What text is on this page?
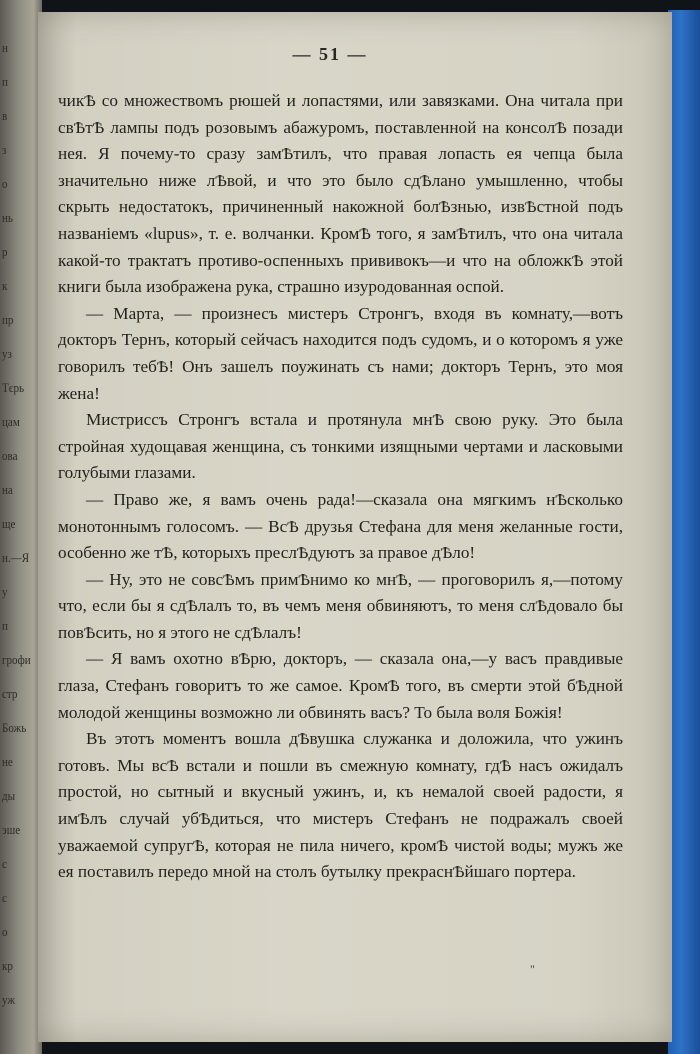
н
п
в
з
о
нь
р
к
пр
уз
Тєрь
цам
ова
на
ще
н.—Я
у
п
грофи
стр
Божь
не
ды
эше
с
с
о
кр
уж
— 51 —

чикѢ со множествомъ рюшей и лопастями, или завязками. Она читала при свѢтѢ лампы подъ розовымъ абажуромъ, поставленной на консолѢ позади нея. Я почему-то сразу замѢтилъ, что правая лопасть ея чепца была значительно ниже лѢвой, и что это было сдѢлано умышленно, чтобы скрыть недостатокъ, причиненный накожной болѢзнью, извѢстной подъ названіемъ «lupus», т. е. волчанки. КромѢ того, я замѢтилъ, что она читала какой-то трактатъ противо-оспенныхъ прививокъ—и что на обложкѢ этой книги была изображена рука, страшно изуродованная оспой.

— Марта, — произнесъ мистеръ Стронгъ, входя въ комнату,—вотъ докторъ Тернъ, который сейчасъ находится подъ судомъ, и о которомъ я уже говорилъ тебѢ! Онъ зашелъ поужинать съ нами; докторъ Тернъ, это моя жена!

Мистриссъ Стронгъ встала и протянула мнѢ свою руку. Это была стройная худощавая женщина, съ тонкими изящными чертами и ласковыми голубыми глазами.

— Право же, я вамъ очень рада!—сказала она мягкимъ нѢсколько монотоннымъ голосомъ. — ВсѢ друзья Стефана для меня желанные гости, особенно же тѢ, которыхъ преслѢдуютъ за правое дѢло!

— Ну, это не совсѢмъ примѢнимо ко мнѢ, — проговорилъ я,—потому что, если бы я сдѢлалъ то, въ чемъ меня обвиняютъ, то меня слѢдовало бы повѢсить, но я этого не сдѢлалъ!

— Я вамъ охотно вѢрю, докторъ, — сказала она,—у васъ правдивые глаза, Стефанъ говоритъ то же самое. КромѢ того, въ смерти этой бѢдной молодой женщины возможно ли обвинять васъ? То была воля Божія!

Въ этотъ моментъ вошла дѢвушка служанка и доложила, что ужинъ готовъ. Мы всѢ встали и пошли въ смежную комнату, гдѢ насъ ожидалъ простой, но сытный и вкусный ужинъ, и, къ немалой своей радости, я имѢлъ случай убѢдиться, что мистеръ Стефанъ не подражалъ своей уважаемой супругѢ, которая не пила ничего, кромѢ чистой воды; мужъ же ея поставилъ передо мной на столъ бутылку прекраснѢйшаго портера.

"
